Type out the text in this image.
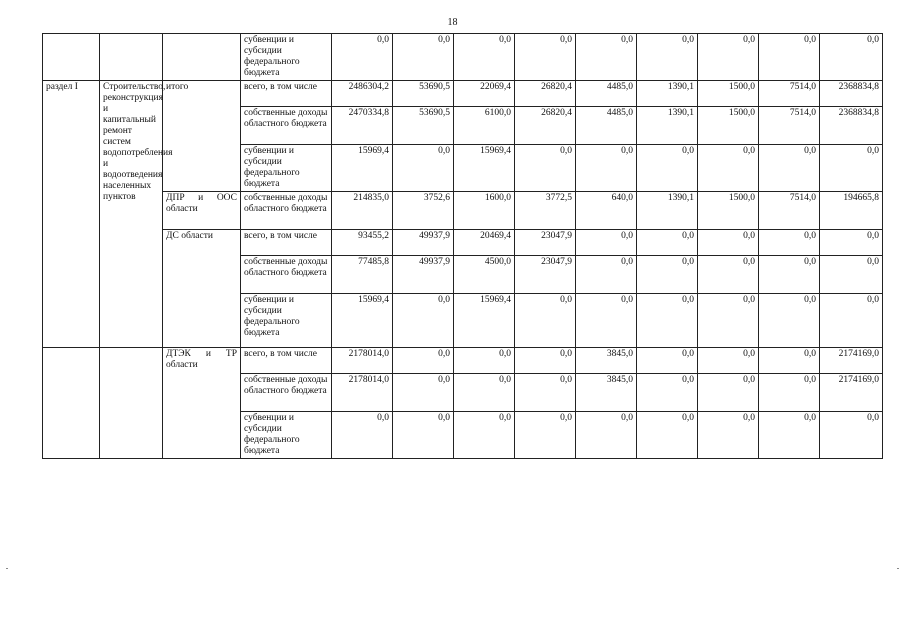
18
			субвенции и субсидии федерального бюджета	0,0	0,0	0,0	0,0	0,0	0,0	0,0	0,0	0,0
раздел I	Строительство, реконструкция и капитальный ремонт систем водопотребления и водоотведения населенных пунктов	итого	всего, в том числе	2486304,2	53690,5	22069,4	26820,4	4485,0	1390,1	1500,0	7514,0	2368834,8
			собственные доходы областного бюджета	2470334,8	53690,5	6100,0	26820,4	4485,0	1390,1	1500,0	7514,0	2368834,8
			субвенции и субсидии федерального бюджета	15969,4	0,0	15969,4	0,0	0,0	0,0	0,0	0,0	0,0
		ДПР и ООС области	собственные доходы областного бюджета	214835,0	3752,6	1600,0	3772,5	640,0	1390,1	1500,0	7514,0	194665,8
		ДС области	всего, в том числе	93455,2	49937,9	20469,4	23047,9	0,0	0,0	0,0	0,0	0,0
			собственные доходы областного бюджета	77485,8	49937,9	4500,0	23047,9	0,0	0,0	0,0	0,0	0,0
			субвенции и субсидии федерального бюджета	15969,4	0,0	15969,4	0,0	0,0	0,0	0,0	0,0	0,0
		ДТЭК и ТР области	всего, в том числе	2178014,0	0,0	0,0	0,0	3845,0	0,0	0,0	0,0	2174169,0
			собственные доходы областного бюджета	2178014,0	0,0	0,0	0,0	3845,0	0,0	0,0	0,0	2174169,0
			субвенции и субсидии федерального бюджета	0,0	0,0	0,0	0,0	0,0	0,0	0,0	0,0	0,0
